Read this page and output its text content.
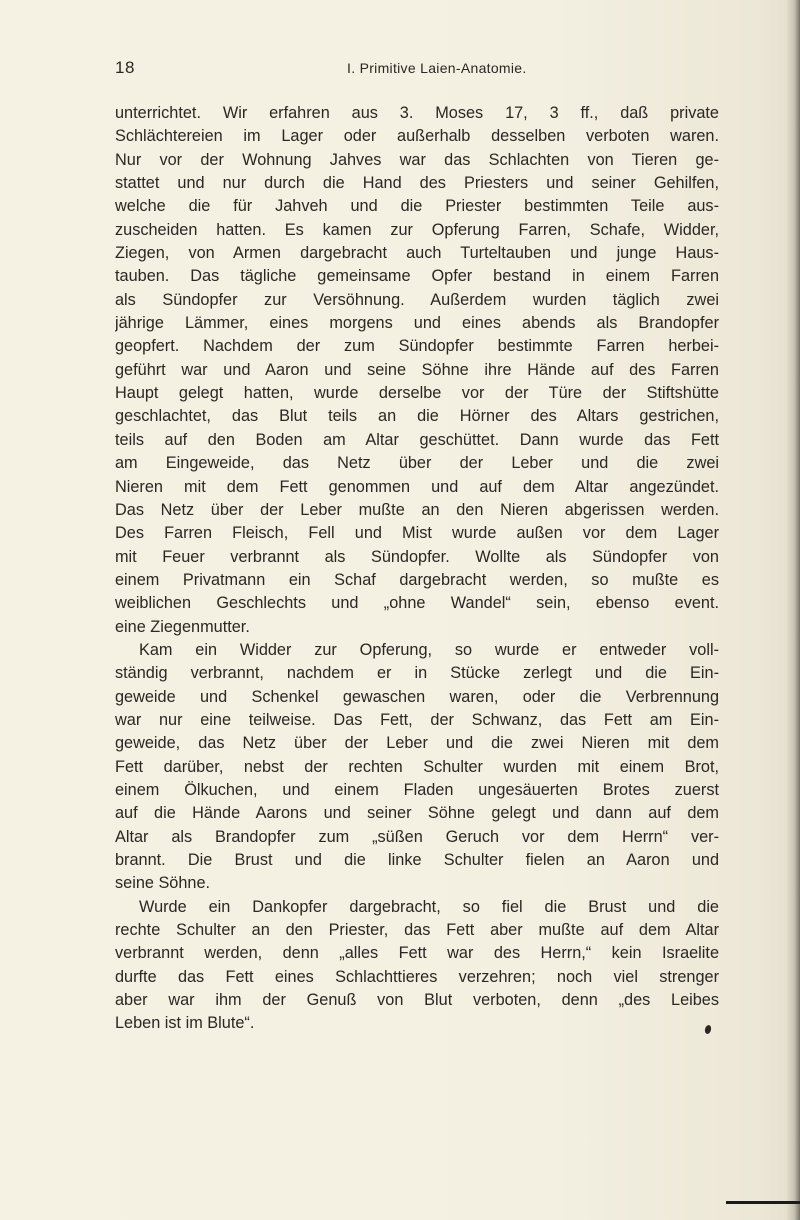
18	I. Primitive Laien-Anatomie.
unterrichtet. Wir erfahren aus 3. Moses 17, 3 ff., daß private
Schlächtereien im Lager oder außerhalb desselben verboten waren.
Nur vor der Wohnung Jahves war das Schlachten von Tieren ge-
stattet und nur durch die Hand des Priesters und seiner Gehilfen,
welche die für Jahveh und die Priester bestimmten Teile aus-
zuscheiden hatten. Es kamen zur Opferung Farren, Schafe, Widder,
Ziegen, von Armen dargebracht auch Turteltauben und junge Haus-
tauben. Das tägliche gemeinsame Opfer bestand in einem Farren
als Sündopfer zur Versöhnung. Außerdem wurden täglich zwei
jährige Lämmer, eines morgens und eines abends als Brandopfer
geopfert. Nachdem der zum Sündopfer bestimmte Farren herbei-
geführt war und Aaron und seine Söhne ihre Hände auf des Farren
Haupt gelegt hatten, wurde derselbe vor der Türe der Stiftshütte
geschlachtet, das Blut teils an die Hörner des Altars gestrichen,
teils auf den Boden am Altar geschüttet. Dann wurde das Fett
am Eingeweide, das Netz über der Leber und die zwei
Nieren mit dem Fett genommen und auf dem Altar angezündet.
Das Netz über der Leber mußte an den Nieren abgerissen werden.
Des Farren Fleisch, Fell und Mist wurde außen vor dem Lager
mit Feuer verbrannt als Sündopfer. Wollte als Sündopfer von
einem Privatmann ein Schaf dargebracht werden, so mußte es
weiblichen Geschlechts und „ohne Wandel“ sein, ebenso event.
eine Ziegenmutter.
Kam ein Widder zur Opferung, so wurde er entweder voll-
ständig verbrannt, nachdem er in Stücke zerlegt und die Ein-
geweide und Schenkel gewaschen waren, oder die Verbrennung
war nur eine teilweise. Das Fett, der Schwanz, das Fett am Ein-
geweide, das Netz über der Leber und die zwei Nieren mit dem
Fett darüber, nebst der rechten Schulter wurden mit einem Brot,
einem Ölkuchen, und einem Fladen ungesäuerten Brotes zuerst
auf die Hände Aarons und seiner Söhne gelegt und dann auf dem
Altar als Brandopfer zum „süßen Geruch vor dem Herrn“ ver-
brannt. Die Brust und die linke Schulter fielen an Aaron und
seine Söhne.
Wurde ein Dankopfer dargebracht, so fiel die Brust und die
rechte Schulter an den Priester, das Fett aber mußte auf dem Altar
verbrannt werden, denn „alles Fett war des Herrn,“ kein Israelite
durfte das Fett eines Schlachttieres verzehren; noch viel strenger
aber war ihm der Genuß von Blut verboten, denn „des Leibes
Leben ist im Blute“.
